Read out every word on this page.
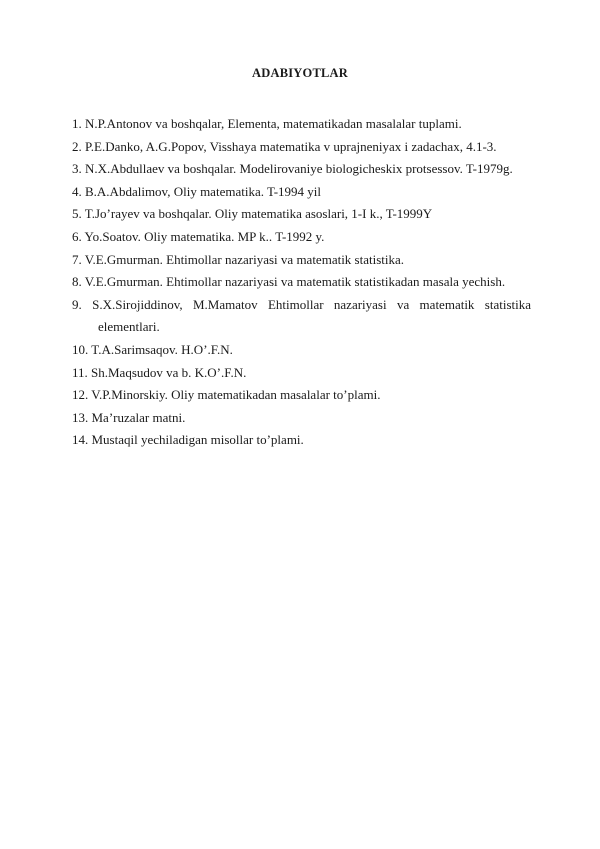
ADABIYOTLAR
1. N.P.Antonov va boshqalar, Elementa, matematikadan masalalar tuplami.
2. P.E.Danko, A.G.Popov, Visshaya matematika v uprajneniyax i zadachax, 4.1-3.
3. N.X.Abdullaev va boshqalar. Modelirovaniye biologicheskix protsessov. T-1979g.
4. B.A.Abdalimov, Oliy matematika. T-1994 yil
5. T.Jo’rayev va boshqalar. Oliy matematika asoslari, 1-I k., T-1999Y
6. Yo.Soatov. Oliy matematika. MP k.. T-1992 y.
7. V.E.Gmurman. Ehtimollar nazariyasi va matematik statistika.
8. V.E.Gmurman. Ehtimollar nazariyasi va matematik statistikadan masala yechish.
9. S.X.Sirojiddinov, M.Mamatov Ehtimollar nazariyasi va matematik statistika elementlari.
10. T.A.Sarimsaqov. H.O’.F.N.
11. Sh.Maqsudov va b. K.O’.F.N.
12. V.P.Minorskiy. Oliy matematikadan masalalar to’plami.
13. Ma’ruzalar matni.
14. Mustaqil yechiladigan misollar to’plami.
